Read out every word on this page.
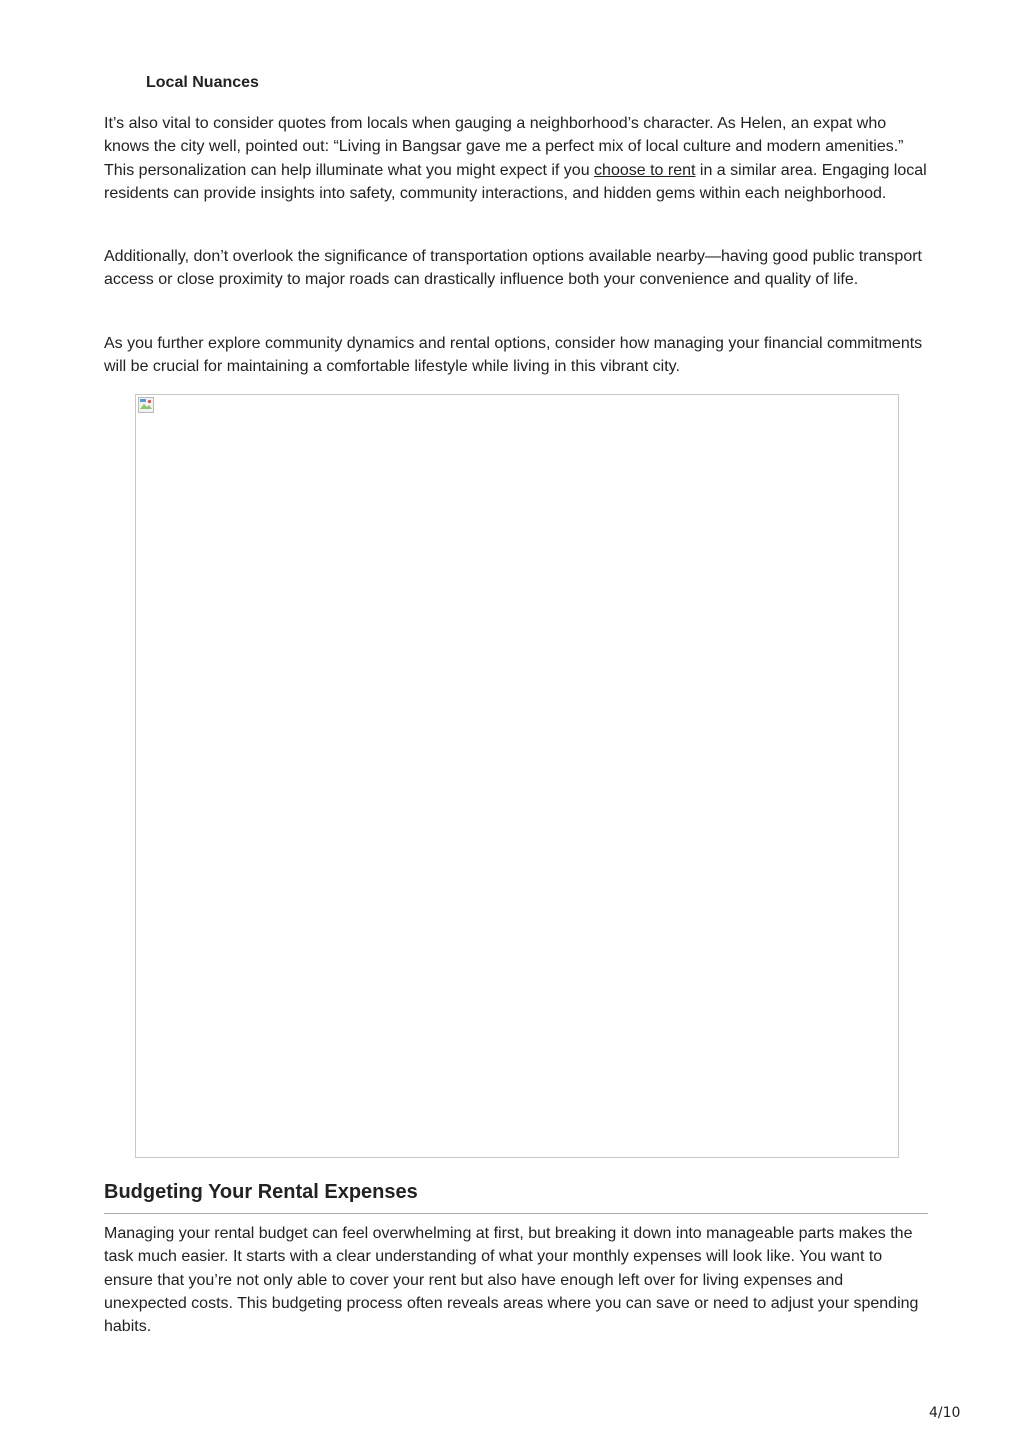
Local Nuances

It’s also vital to consider quotes from locals when gauging a neighborhood’s character. As Helen, an expat who knows the city well, pointed out: “Living in Bangsar gave me a perfect mix of local culture and modern amenities.” This personalization can help illuminate what you might expect if you choose to rent in a similar area. Engaging local residents can provide insights into safety, community interactions, and hidden gems within each neighborhood.

Additionally, don’t overlook the significance of transportation options available nearby—having good public transport access or close proximity to major roads can drastically influence both your convenience and quality of life.

As you further explore community dynamics and rental options, consider how managing your financial commitments will be crucial for maintaining a comfortable lifestyle while living in this vibrant city.

Budgeting Your Rental Expenses

Managing your rental budget can feel overwhelming at first, but breaking it down into manageable parts makes the task much easier. It starts with a clear understanding of what your monthly expenses will look like. You want to ensure that you’re not only able to cover your rent but also have enough left over for living expenses and unexpected costs. This budgeting process often reveals areas where you can save or need to adjust your spending habits.

4/10
